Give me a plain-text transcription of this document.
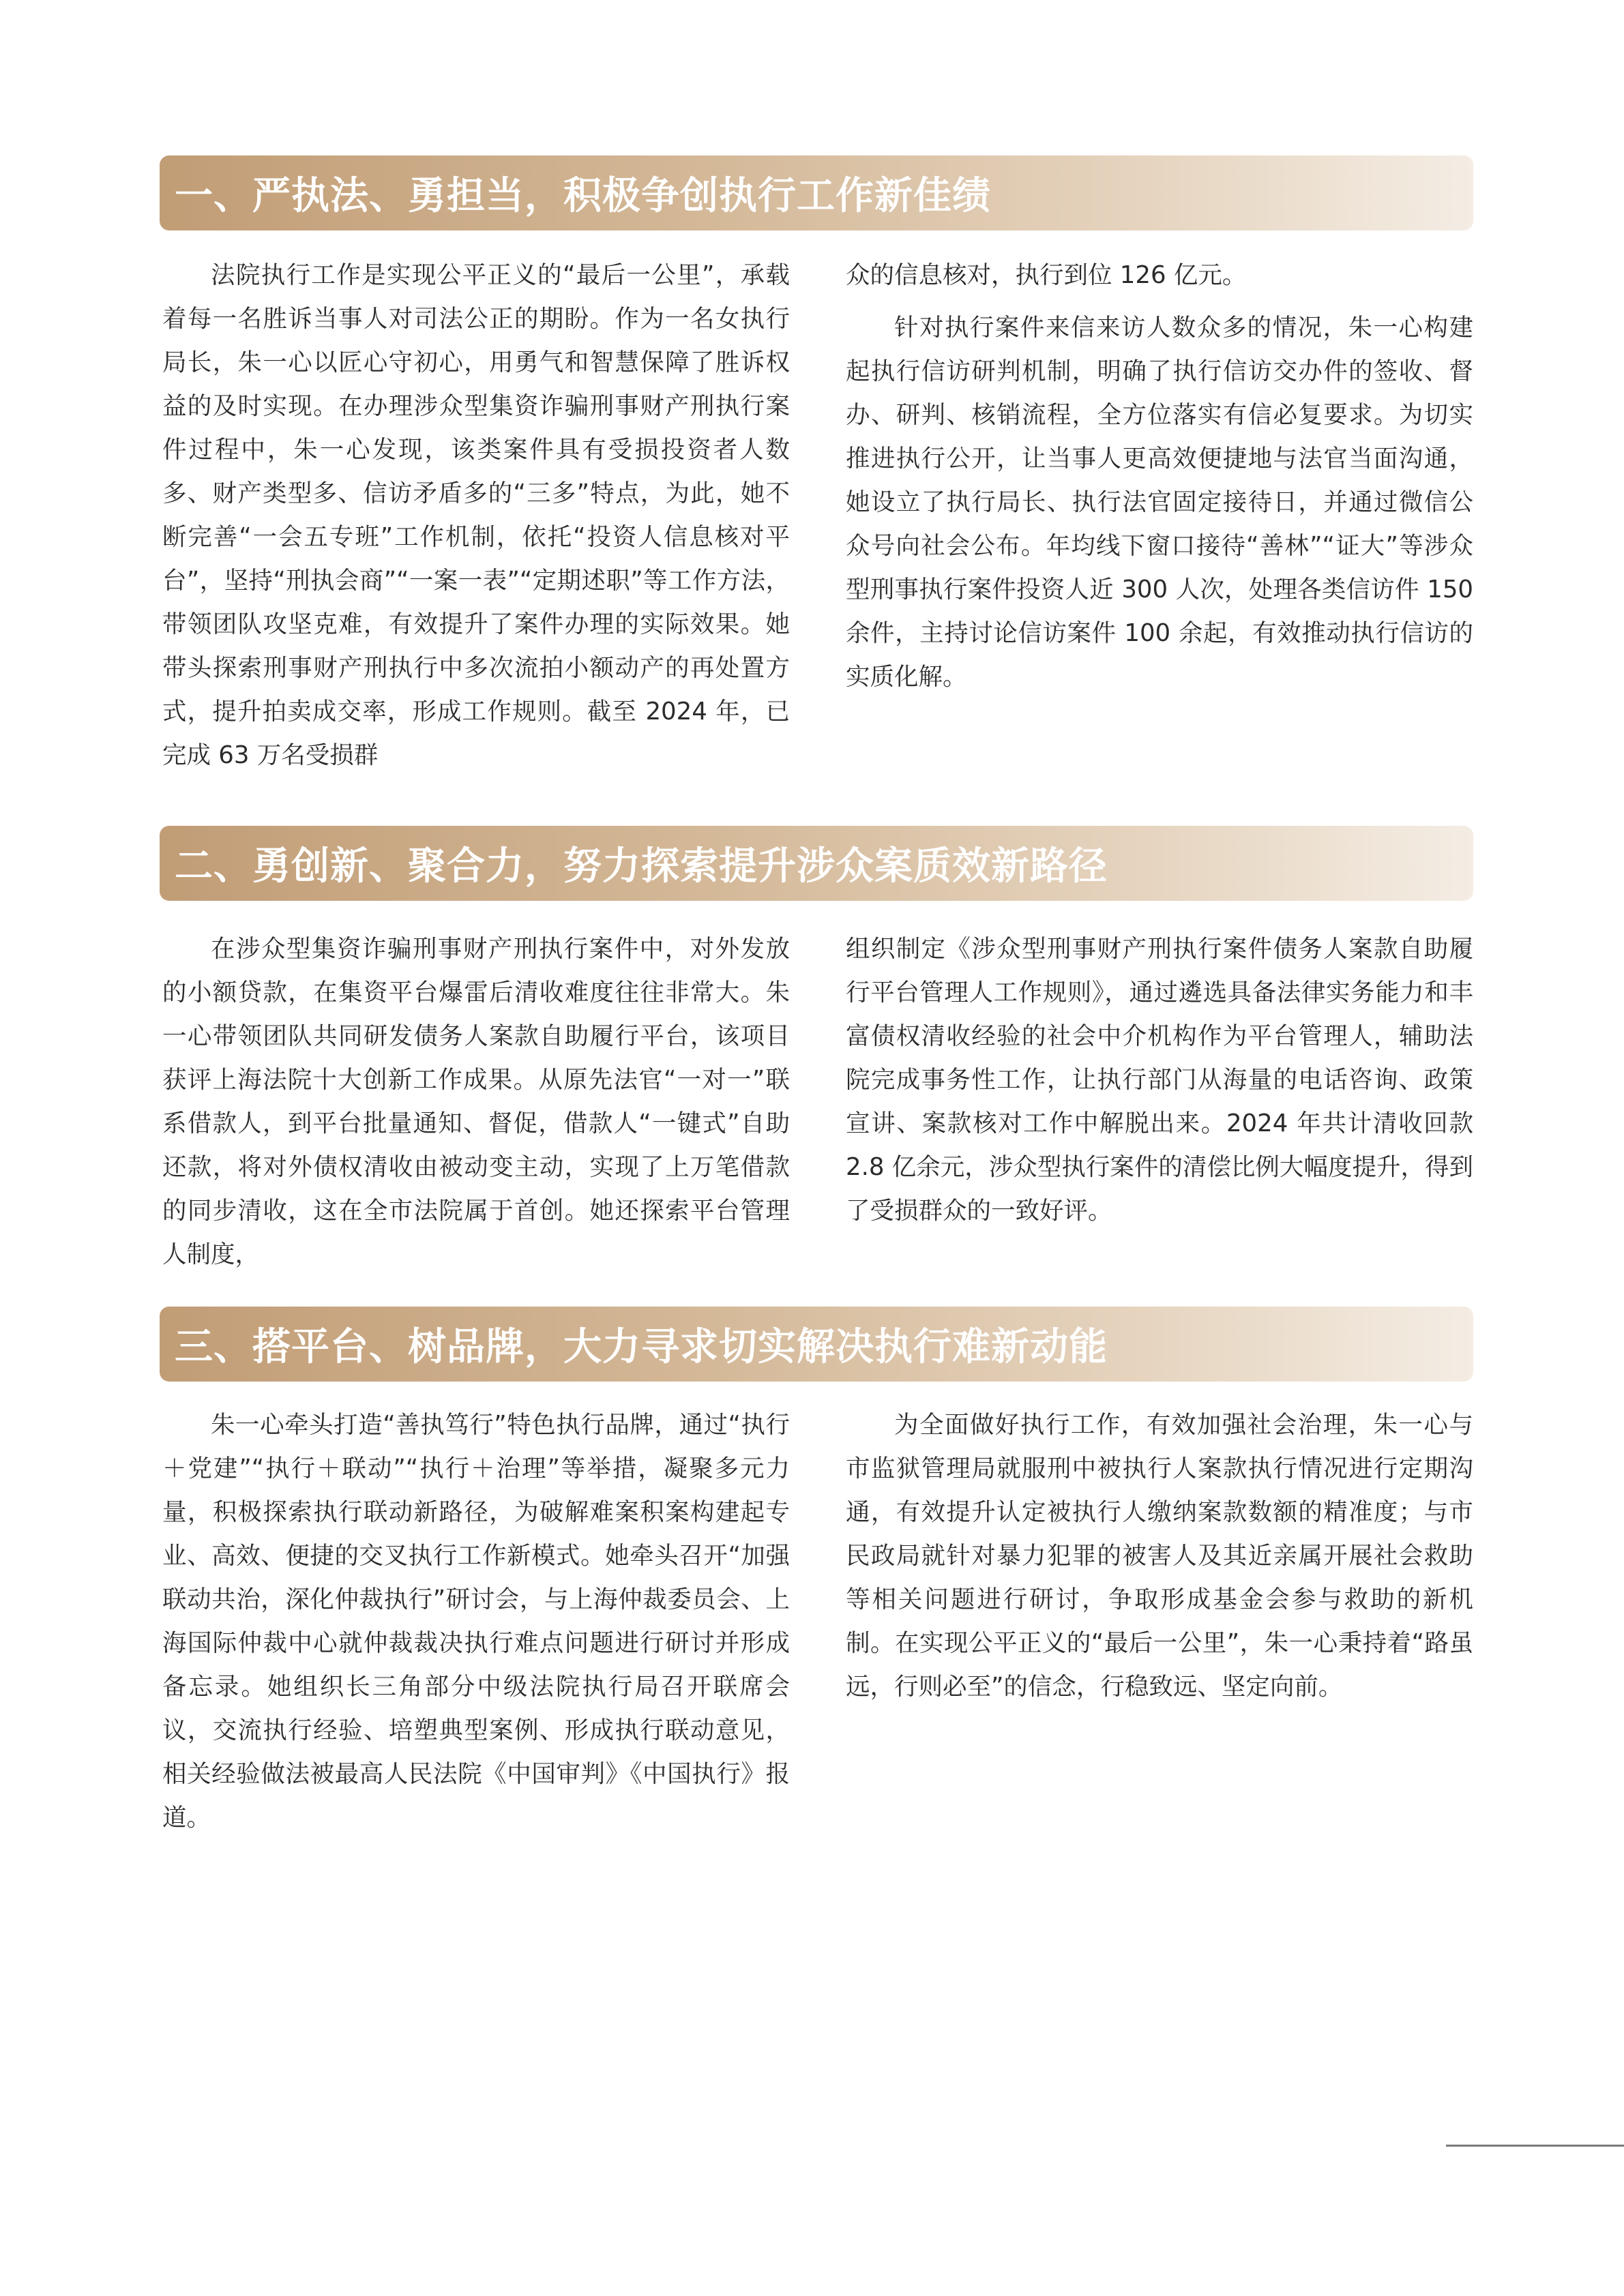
一、严执法、勇担当，积极争创执行工作新佳绩

法院执行工作是实现公平正义的“最后一公里”，承载着每一名胜诉当事人对司法公正的期盼。作为一名女执行局长，朱一心以匠心守初心，用勇气和智慧保障了胜诉权益的及时实现。在办理涉众型集资诈骗刑事财产刑执行案件过程中，朱一心发现，该类案件具有受损投资者人数多、财产类型多、信访矛盾多的“三多”特点，为此，她不断完善“一会五专班”工作机制，依托“投资人信息核对平台”，坚持“刑执会商”“一案一表”“定期述职”等工作方法，带领团队攻坚克难，有效提升了案件办理的实际效果。她带头探索刑事财产刑执行中多次流拍小额动产的再处置方式，提升拍卖成交率，形成工作规则。截至 2024 年，已完成 63 万名受损群

众的信息核对，执行到位 126 亿元。

针对执行案件来信来访人数众多的情况，朱一心构建起执行信访研判机制，明确了执行信访交办件的签收、督办、研判、核销流程，全方位落实有信必复要求。为切实推进执行公开，让当事人更高效便捷地与法官当面沟通，她设立了执行局长、执行法官固定接待日，并通过微信公众号向社会公布。年均线下窗口接待“善林”“证大”等涉众型刑事执行案件投资人近 300 人次，处理各类信访件 150 余件，主持讨论信访案件 100 余起，有效推动执行信访的实质化解。

二、勇创新、聚合力，努力探索提升涉众案质效新路径

在涉众型集资诈骗刑事财产刑执行案件中，对外发放的小额贷款，在集资平台爆雷后清收难度往往非常大。朱一心带领团队共同研发债务人案款自助履行平台，该项目获评上海法院十大创新工作成果。从原先法官“一对一”联系借款人，到平台批量通知、督促，借款人“一键式”自助还款，将对外债权清收由被动变主动，实现了上万笔借款的同步清收，这在全市法院属于首创。她还探索平台管理人制度，

组织制定《涉众型刑事财产刑执行案件债务人案款自助履行平台管理人工作规则》，通过遴选具备法律实务能力和丰富债权清收经验的社会中介机构作为平台管理人，辅助法院完成事务性工作，让执行部门从海量的电话咨询、政策宣讲、案款核对工作中解脱出来。2024 年共计清收回款 2.8 亿余元，涉众型执行案件的清偿比例大幅度提升，得到了受损群众的一致好评。

三、搭平台、树品牌，大力寻求切实解决执行难新动能

朱一心牵头打造“善执笃行”特色执行品牌，通过“执行＋党建”“执行＋联动”“执行＋治理”等举措，凝聚多元力量，积极探索执行联动新路径，为破解难案积案构建起专业、高效、便捷的交叉执行工作新模式。她牵头召开“加强联动共治，深化仲裁执行”研讨会，与上海仲裁委员会、上海国际仲裁中心就仲裁裁决执行难点问题进行研讨并形成备忘录。她组织长三角部分中级法院执行局召开联席会议，交流执行经验、培塑典型案例、形成执行联动意见，相关经验做法被最高人民法院《中国审判》《中国执行》报道。

为全面做好执行工作，有效加强社会治理，朱一心与市监狱管理局就服刑中被执行人案款执行情况进行定期沟通，有效提升认定被执行人缴纳案款数额的精准度；与市民政局就针对暴力犯罪的被害人及其近亲属开展社会救助等相关问题进行研讨，争取形成基金会参与救助的新机制。在实现公平正义的“最后一公里”，朱一心秉持着“路虽远，行则必至”的信念，行稳致远、坚定向前。
